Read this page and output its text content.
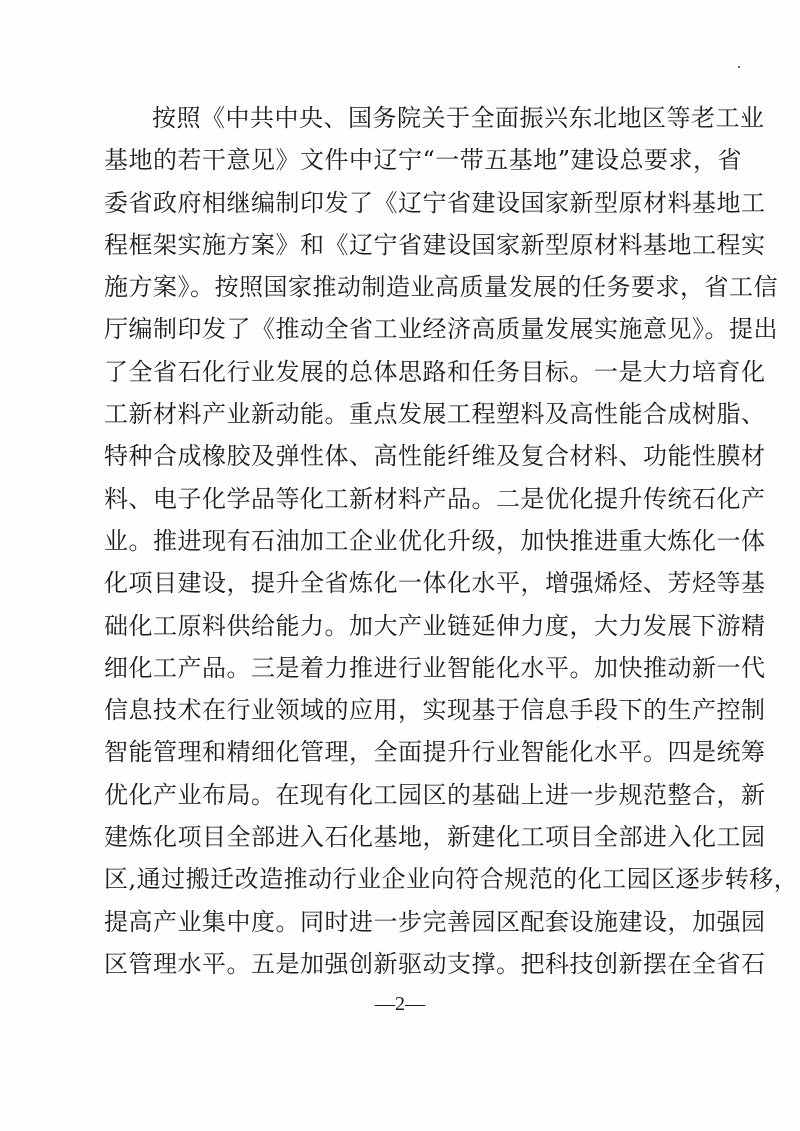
按照《中共中央、国务院关于全面振兴东北地区等老工业
基地的若干意见》文件中辽宁“一带五基地”建设总要求，省
委省政府相继编制印发了《辽宁省建设国家新型原材料基地工
程框架实施方案》和《辽宁省建设国家新型原材料基地工程实
施方案》。按照国家推动制造业高质量发展的任务要求，省工信
厅编制印发了《推动全省工业经济高质量发展实施意见》。提出
了全省石化行业发展的总体思路和任务目标。一是大力培育化
工新材料产业新动能。重点发展工程塑料及高性能合成树脂、
特种合成橡胶及弹性体、高性能纤维及复合材料、功能性膜材
料、电子化学品等化工新材料产品。二是优化提升传统石化产
业。推进现有石油加工企业优化升级，加快推进重大炼化一体
化项目建设，提升全省炼化一体化水平，增强烯烃、芳烃等基
础化工原料供给能力。加大产业链延伸力度，大力发展下游精
细化工产品。三是着力推进行业智能化水平。加快推动新一代
信息技术在行业领域的应用，实现基于信息手段下的生产控制
智能管理和精细化管理，全面提升行业智能化水平。四是统筹
优化产业布局。在现有化工园区的基础上进一步规范整合，新
建炼化项目全部进入石化基地，新建化工项目全部进入化工园
区,通过搬迁改造推动行业企业向符合规范的化工园区逐步转移，
提高产业集中度。同时进一步完善园区配套设施建设，加强园
区管理水平。五是加强创新驱动支撑。把科技创新摆在全省石
—2—
